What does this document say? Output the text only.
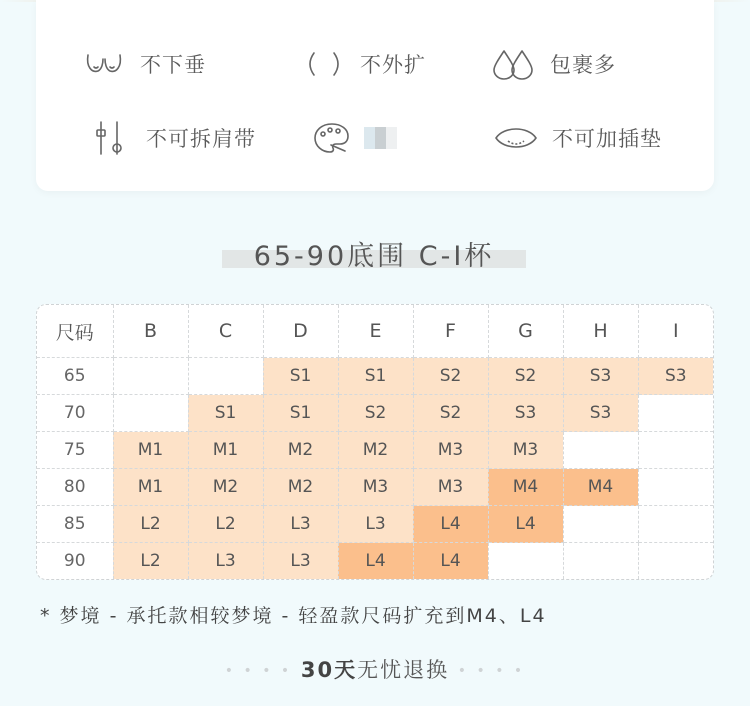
不下垂	不外扩	包裹多
不可拆肩带	不可加插垫
65-90底围 C-I杯
尺码	B	C	D	E	F	G	H	I
65			S1	S1	S2	S2	S3	S3
70		S1	S1	S2	S2	S3	S3	
75	M1	M1	M2	M2	M3	M3		
80	M1	M2	M2	M3	M3	M4	M4	
85	L2	L2	L3	L3	L4	L4		
90	L2	L3	L3	L4	L4			
* 梦境 - 承托款相较梦境 - 轻盈款尺码扩充到M4、L4
• • • • 30天无忧退换 • • • •
